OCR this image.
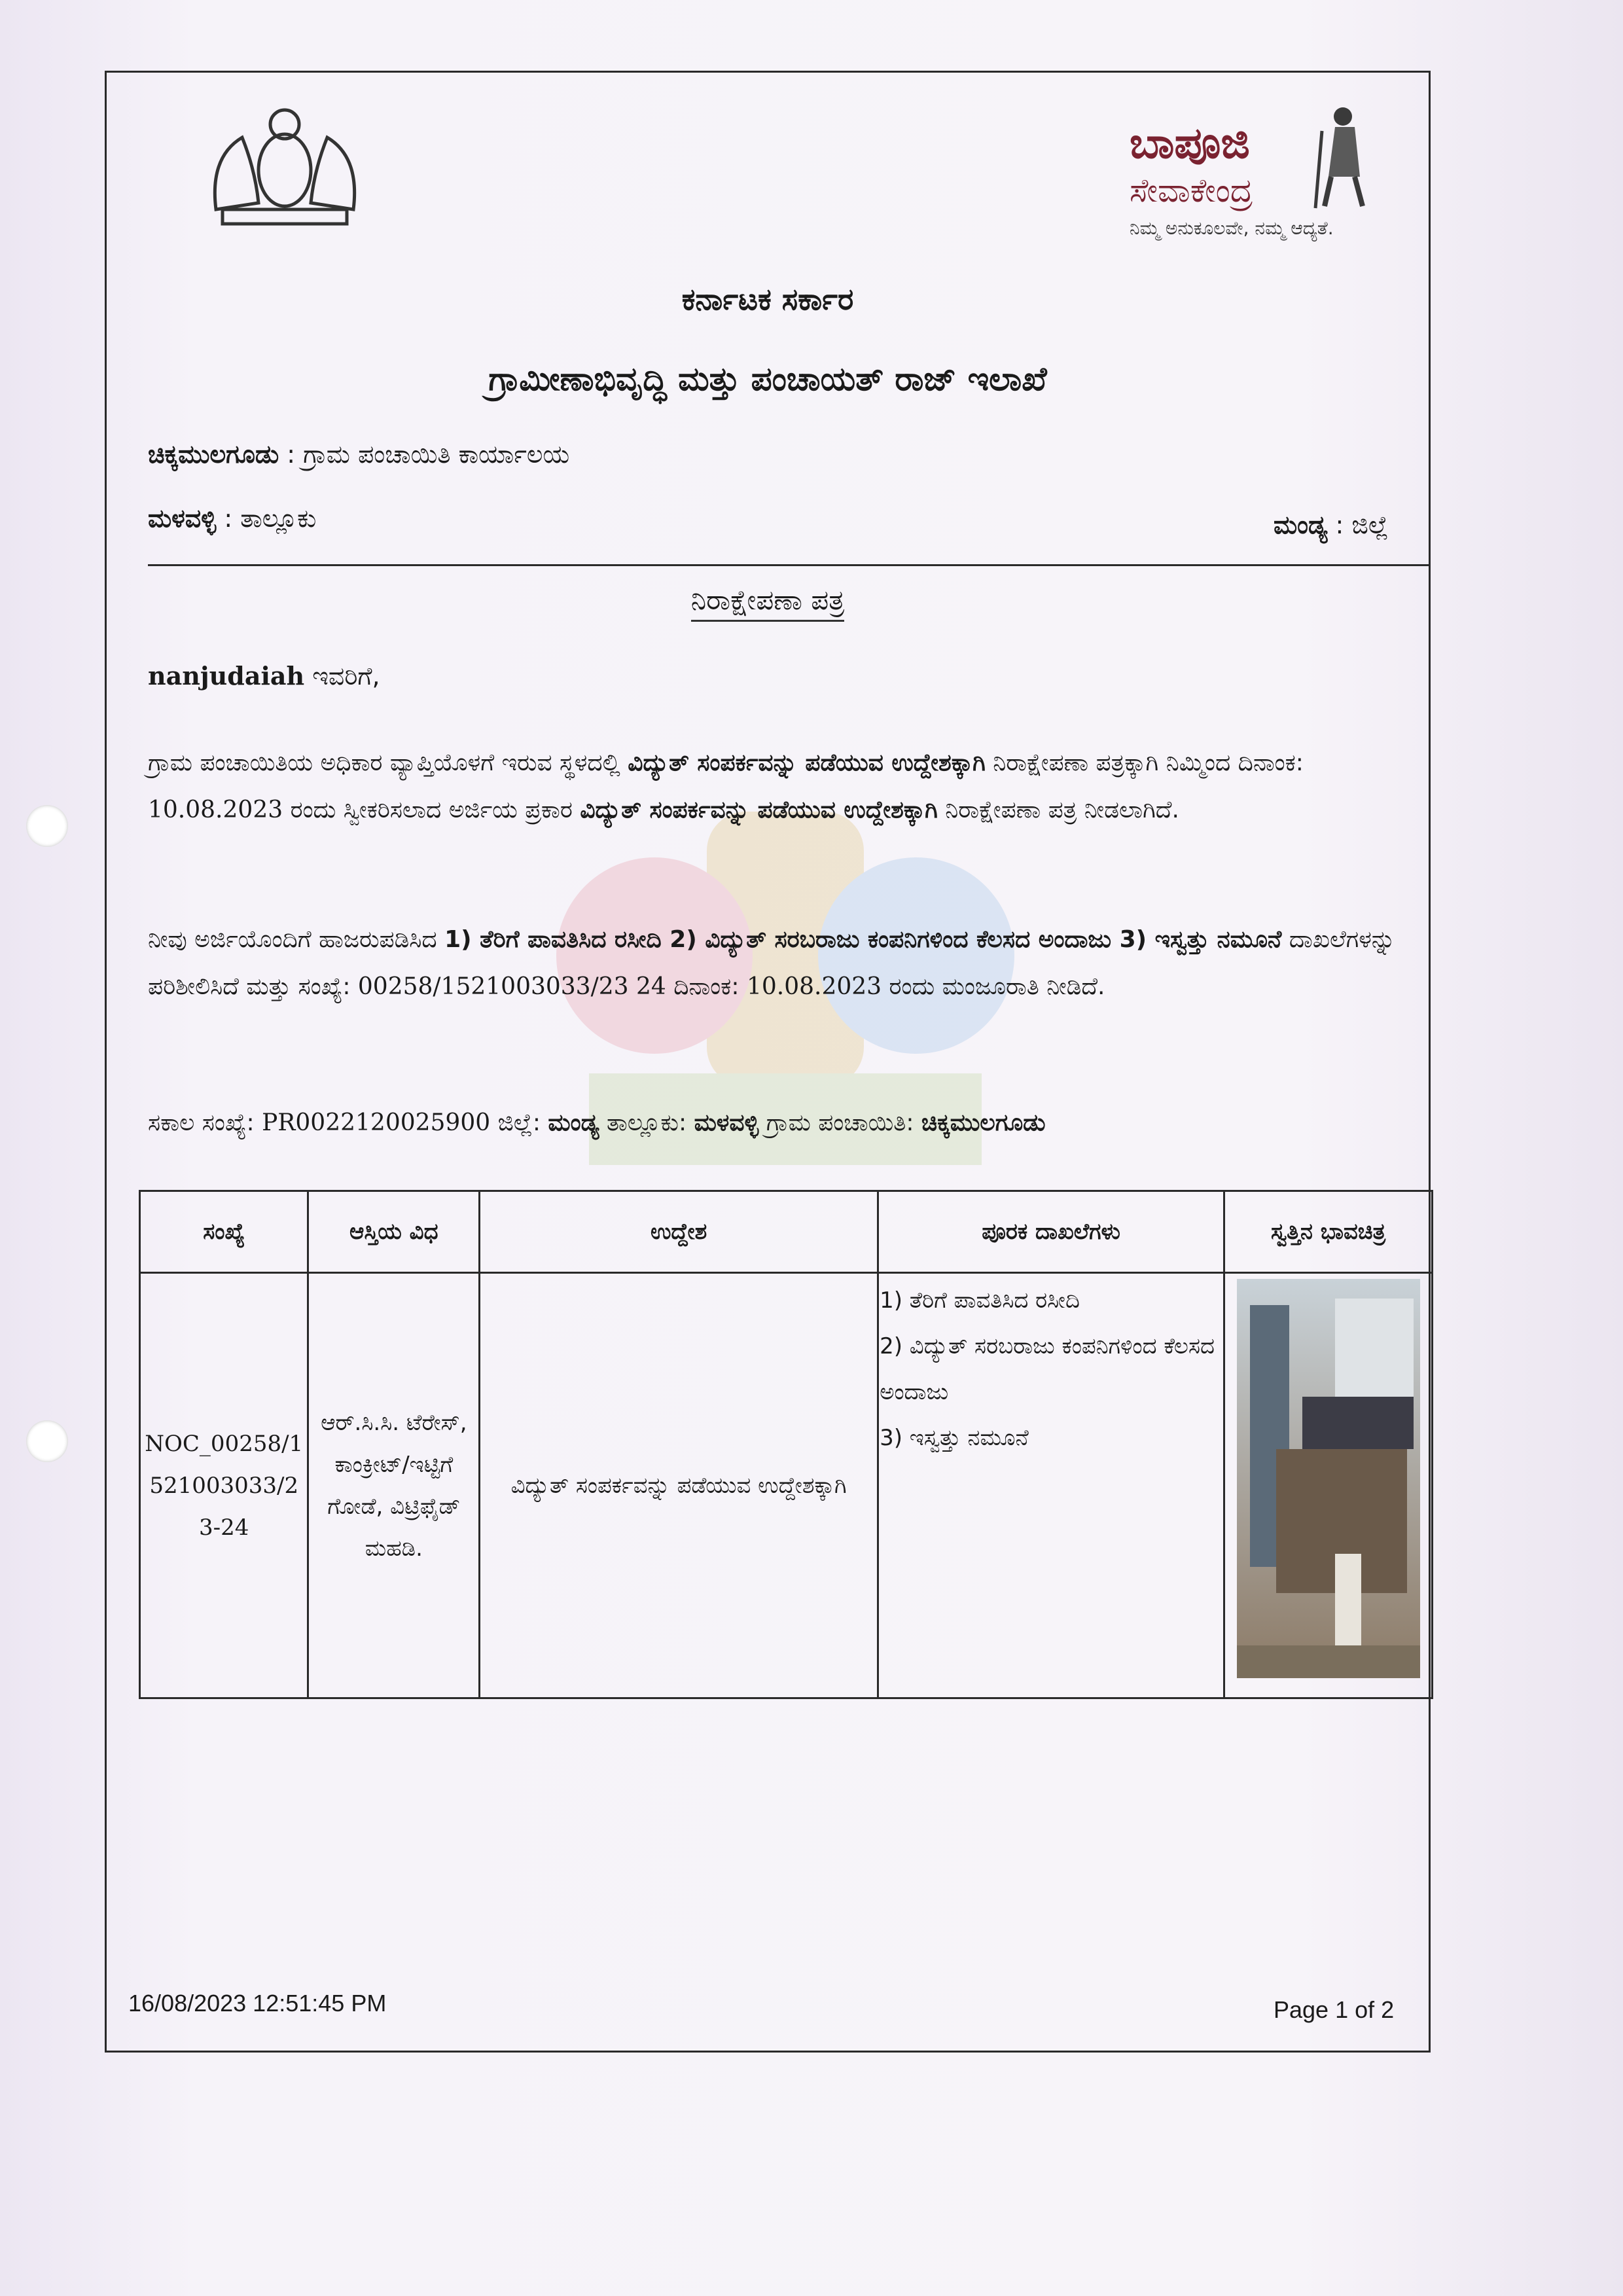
ಬಾಪೂಜಿ
ಸೇವಾಕೇಂದ್ರ
ನಿಮ್ಮ ಅನುಕೂಲವೇ, ನಮ್ಮ ಆದ್ಯತೆ.
ಕರ್ನಾಟಕ ಸರ್ಕಾರ
ಗ್ರಾಮೀಣಾಭಿವೃದ್ಧಿ ಮತ್ತು ಪಂಚಾಯತ್ ರಾಜ್ ಇಲಾಖೆ
ಚಿಕ್ಕಮುಲಗೂಡು : ಗ್ರಾಮ ಪಂಚಾಯಿತಿ ಕಾರ್ಯಾಲಯ
ಮಳವಳ್ಳಿ : ತಾಲ್ಲೂಕು	ಮಂಡ್ಯ : ಜಿಲ್ಲೆ
ನಿರಾಕ್ಷೇಪಣಾ ಪತ್ರ
nanjudaiah ಇವರಿಗೆ,
ಗ್ರಾಮ ಪಂಚಾಯಿತಿಯ ಅಧಿಕಾರ ವ್ಯಾಪ್ತಿಯೊಳಗೆ ಇರುವ ಸ್ಥಳದಲ್ಲಿ ವಿದ್ಯುತ್ ಸಂಪರ್ಕವನ್ನು ಪಡೆಯುವ ಉದ್ದೇಶಕ್ಕಾಗಿ ನಿರಾಕ್ಷೇಪಣಾ ಪತ್ರಕ್ಕಾಗಿ ನಿಮ್ಮಿಂದ ದಿನಾಂಕ: 10.08.2023 ರಂದು ಸ್ವೀಕರಿಸಲಾದ ಅರ್ಜಿಯ ಪ್ರಕಾರ ವಿದ್ಯುತ್ ಸಂಪರ್ಕವನ್ನು ಪಡೆಯುವ ಉದ್ದೇಶಕ್ಕಾಗಿ ನಿರಾಕ್ಷೇಪಣಾ ಪತ್ರ ನೀಡಲಾಗಿದೆ.
ನೀವು ಅರ್ಜಿಯೊಂದಿಗೆ ಹಾಜರುಪಡಿಸಿದ 1) ತೆರಿಗೆ ಪಾವತಿಸಿದ ರಸೀದಿ 2) ವಿದ್ಯುತ್ ಸರಬರಾಜು ಕಂಪನಿಗಳಿಂದ ಕೆಲಸದ ಅಂದಾಜು 3) ಇಸ್ವತ್ತು ನಮೂನೆ ದಾಖಲೆಗಳನ್ನು ಪರಿಶೀಲಿಸಿದೆ ಮತ್ತು ಸಂಖ್ಯೆ: 00258/1521003033/23 24 ದಿನಾಂಕ: 10.08.2023 ರಂದು ಮಂಜೂರಾತಿ ನೀಡಿದೆ.
ಸಕಾಲ ಸಂಖ್ಯೆ: PR0022120025900 ಜಿಲ್ಲೆ: ಮಂಡ್ಯ ತಾಲ್ಲೂಕು: ಮಳವಳ್ಳಿ ಗ್ರಾಮ ಪಂಚಾಯಿತಿ: ಚಿಕ್ಕಮುಲಗೂಡು
ಸಂಖ್ಯೆ	ಆಸ್ತಿಯ ವಿಧ	ಉದ್ದೇಶ	ಪೂರಕ ದಾಖಲೆಗಳು	ಸ್ವತ್ತಿನ ಭಾವಚಿತ್ರ
NOC_00258/1521003033/23-24	ಆರ್.ಸಿ.ಸಿ. ಟೆರೇಸ್, ಕಾಂಕ್ರೀಟ್/ಇಟ್ಟಿಗೆ ಗೋಡೆ, ವಿಟ್ರಿಫೈಡ್ ಮಹಡಿ.	ವಿದ್ಯುತ್ ಸಂಪರ್ಕವನ್ನು ಪಡೆಯುವ ಉದ್ದೇಶಕ್ಕಾಗಿ	1) ತೆರಿಗೆ ಪಾವತಿಸಿದ ರಸೀದಿ
2) ವಿದ್ಯುತ್ ಸರಬರಾಜು ಕಂಪನಿಗಳಿಂದ ಕೆಲಸದ ಅಂದಾಜು
3) ಇಸ್ವತ್ತು ನಮೂನೆ

16/08/2023 12:51:45 PM	Page 1 of 2
